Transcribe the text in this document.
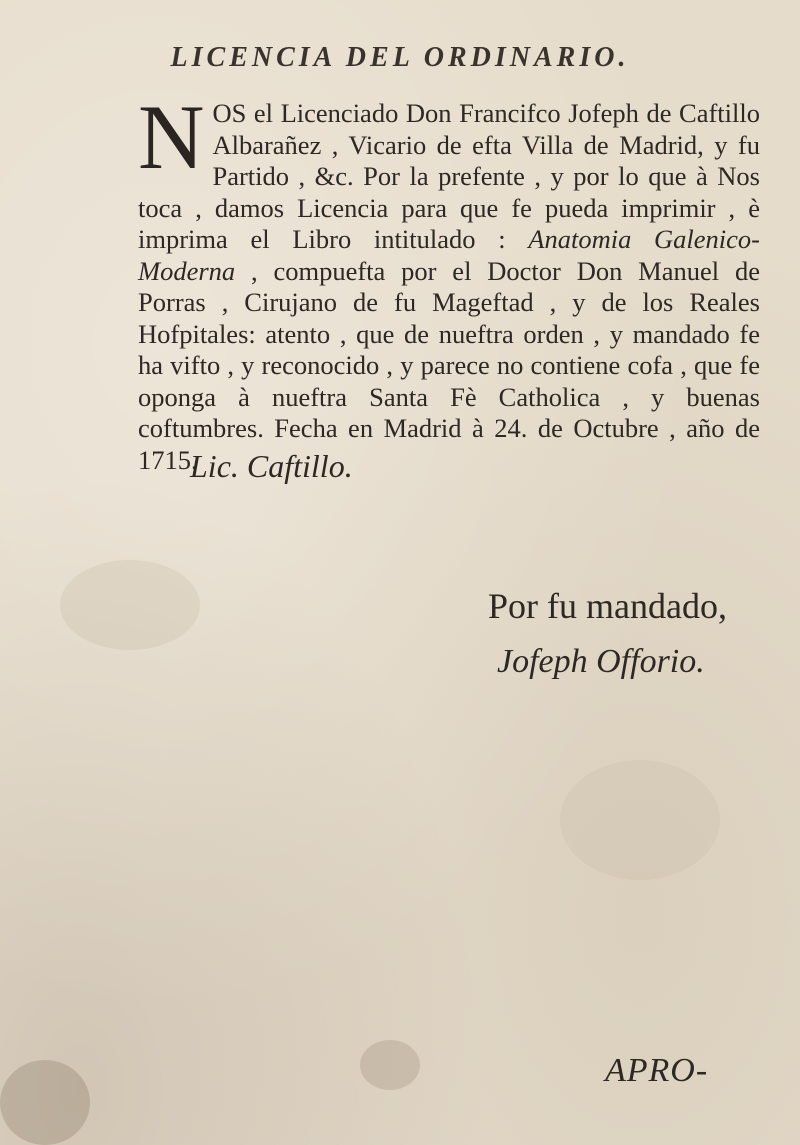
LICENCIA DEL ORDINARIO.
NOS el Licenciado Don Francifco Jofeph de Caftillo Albarañez , Vicario de efta Villa de Madrid, y fu Partido , &c. Por la prefente , y por lo que à Nos toca , damos Licencia para que fe pueda imprimir , è imprima el Libro intitulado : Anatomia Galenico-Moderna , compuefta por el Doctor Don Manuel de Porras , Cirujano de fu Mageftad , y de los Reales Hofpitales: atento , que de nueftra orden , y mandado fe ha vifto , y reconocido , y parece no contiene cofa , que fe oponga à nueftra Santa Fè Catholica , y buenas coftumbres. Fecha en Madrid à 24. de Octubre , año de 1715.
Lic. Caftillo.
Por fu mandado,
Jofeph Offorio.
APRO-
